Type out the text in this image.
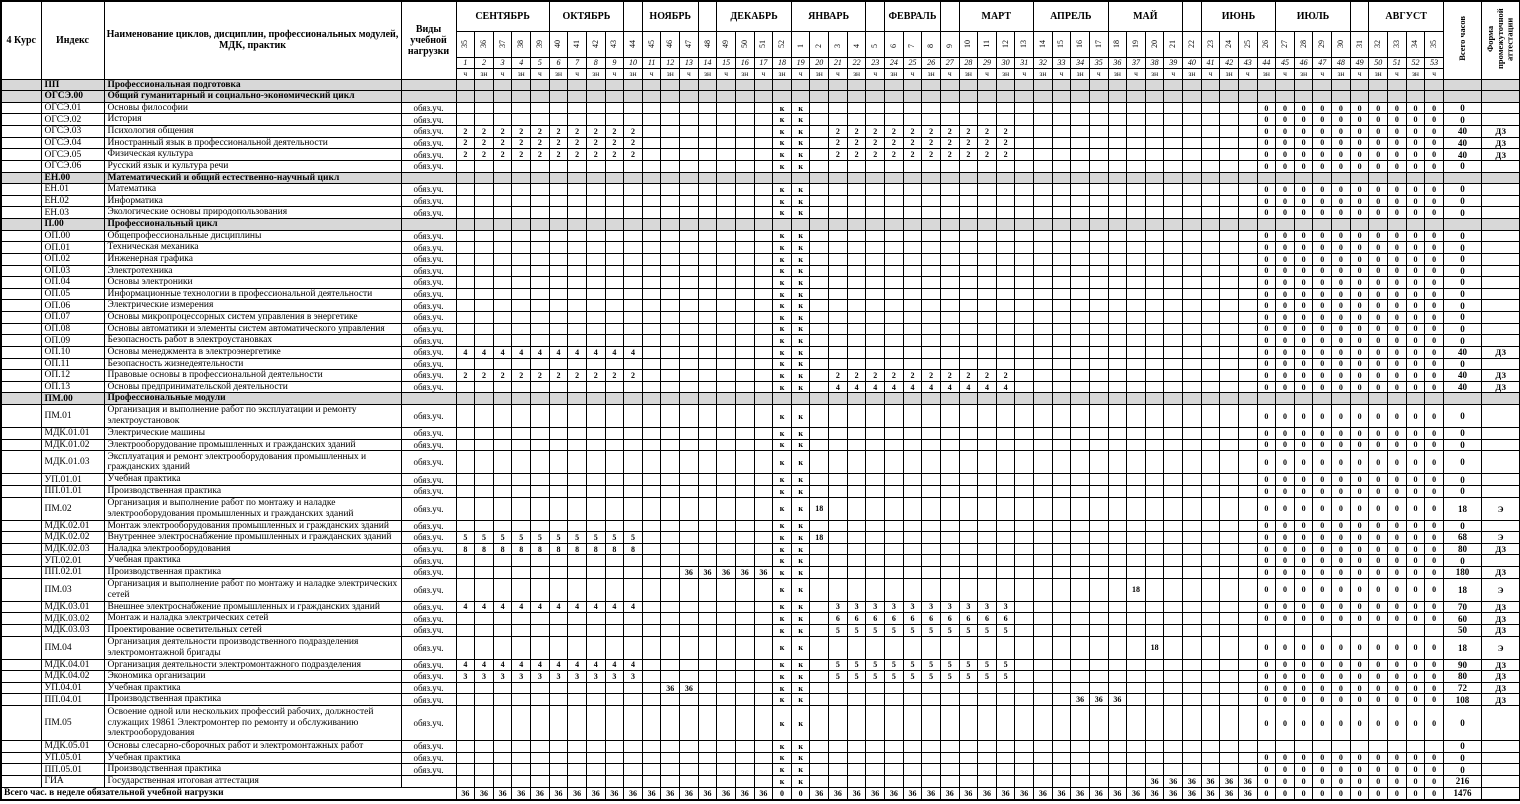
4 Курс	Индекс	Наименование циклов, дисциплин, профессиональных модулей, МДК, практик	Виды учебной нагрузки	СЕНТЯБРЬ					ОКТЯБРЬ					НОЯБРЬ				ДЕКАБРЬ				ЯНВАРЬ					ФЕВРАЛЬ				МАРТ				АПРЕЛЬ				МАЙ					ИЮНЬ				ИЮЛЬ					АВГУСТ				Всего часов	Форма промежуточной аттестации
				35	36	37	38	39	40	41	42	43	44	45	46	47	48	49	50	51	52	1	2	3	4	5	6	7	8	9	10	11	12	13	14	15	16	17	18	19	20	21	22	23	24	25	26	27	28	29	30	31	32	33	34	35		
				1	2	3	4	5	6	7	8	9	10	11	12	13	14	15	16	17	18	19	20	21	22	23	24	25	26	27	28	29	30	31	32	33	34	35	36	37	38	39	40	41	42	43	44	45	46	47	48	49	50	51	52	53		
				ч	зн	ч	зн	ч	зн	ч	зн	ч	зн	ч	зн	ч	зн	ч	зн	ч	зн	ч	зн	ч	зн	ч	зн	ч	зн	ч	зн	ч	зн	ч	зн	ч	зн	ч	зн	ч	зн	ч	зн	ч	зн	ч	зн	ч	зн	ч	зн	ч	зн	ч	зн	ч		
	ПП	Профессиональная подготовка																																																								
	ОГСЭ.00	Общий гуманитарный и социально-экономический цикл																																																								
	ОГСЭ.01	Основы философии	обяз.уч.																		к	к																									0	0	0	0	0	0	0	0	0	0	0	
	ОГСЭ.02	История	обяз.уч.																		к	к																									0	0	0	0	0	0	0	0	0	0	0	
	ОГСЭ.03	Психология общения	обяз.уч.	2	2	2	2	2	2	2	2	2	2								к	к		2	2	2	2	2	2	2	2	2	2														0	0	0	0	0	0	0	0	0	0	40	ДЗ
	ОГСЭ.04	Иностранный язык в профессиональной деятельности	обяз.уч.	2	2	2	2	2	2	2	2	2	2								к	к		2	2	2	2	2	2	2	2	2	2														0	0	0	0	0	0	0	0	0	0	40	ДЗ
	ОГСЭ.05	Физическая культура	обяз.уч.	2	2	2	2	2	2	2	2	2	2								к	к		2	2	2	2	2	2	2	2	2	2														0	0	0	0	0	0	0	0	0	0	40	ДЗ
	ОГСЭ.06	Русский язык и культура речи	обяз.уч.																		к	к																									0	0	0	0	0	0	0	0	0	0	0	
	ЕН.00	Математический и общий естественно-научный цикл																																																								
	ЕН.01	Математика	обяз.уч.																		к	к																									0	0	0	0	0	0	0	0	0	0	0	
	ЕН.02	Информатика	обяз.уч.																		к	к																									0	0	0	0	0	0	0	0	0	0	0	
	ЕН.03	Экологические основы природопользования	обяз.уч.																		к	к																									0	0	0	0	0	0	0	0	0	0	0	
	П.00	Профессиональный цикл																																																								
	ОП.00	Общепрофессиональные дисциплины	обяз.уч.																		к	к																									0	0	0	0	0	0	0	0	0	0	0	
	ОП.01	Техническая механика	обяз.уч.																		к	к																									0	0	0	0	0	0	0	0	0	0	0	
	ОП.02	Инженерная графика	обяз.уч.																		к	к																									0	0	0	0	0	0	0	0	0	0	0	
	ОП.03	Электротехника	обяз.уч.																		к	к																									0	0	0	0	0	0	0	0	0	0	0	
	ОП.04	Основы электроники	обяз.уч.																		к	к																									0	0	0	0	0	0	0	0	0	0	0	
	ОП.05	Информационные технологии в профессиональной деятельности	обяз.уч.																		к	к																									0	0	0	0	0	0	0	0	0	0	0	
	ОП.06	Электрические измерения	обяз.уч.																		к	к																									0	0	0	0	0	0	0	0	0	0	0	
	ОП.07	Основы микропроцессорных систем управления в энергетике	обяз.уч.																		к	к																									0	0	0	0	0	0	0	0	0	0	0	
	ОП.08	Основы автоматики и элементы систем автоматического управления	обяз.уч.																		к	к																									0	0	0	0	0	0	0	0	0	0	0	
	ОП.09	Безопасность работ в электроустановках	обяз.уч.																		к	к																									0	0	0	0	0	0	0	0	0	0	0	
	ОП.10	Основы менеджмента в электроэнергетике	обяз.уч.	4	4	4	4	4	4	4	4	4	4								к	к																									0	0	0	0	0	0	0	0	0	0	40	ДЗ
	ОП.11	Безопасность жизнедеятельности	обяз.уч.																		к	к																									0	0	0	0	0	0	0	0	0	0	0	
	ОП.12	Правовые основы в профессиональной деятельности	обяз.уч.	2	2	2	2	2	2	2	2	2	2								к	к		2	2	2	2	2	2	2	2	2	2														0	0	0	0	0	0	0	0	0	0	40	ДЗ
	ОП.13	Основы предпринимательской деятельности	обяз.уч.																		к	к		4	4	4	4	4	4	4	4	4	4														0	0	0	0	0	0	0	0	0	0	40	ДЗ
	ПМ.00	Профессиональные модули																																																								
	ПМ.01	Организация и выполнение работ по эксплуатации и ремонту электроустановок	обяз.уч.																		к	к																									0	0	0	0	0	0	0	0	0	0	0	
	МДК.01.01	Электрические машины	обяз.уч.																		к	к																									0	0	0	0	0	0	0	0	0	0	0	
	МДК.01.02	Электрооборудование промышленных и гражданских зданий	обяз.уч.																		к	к																									0	0	0	0	0	0	0	0	0	0	0	
	МДК.01.03	Эксплуатация и ремонт электрооборудования промышленных и гражданских зданий	обяз.уч.																		к	к																									0	0	0	0	0	0	0	0	0	0	0	
	УП.01.01	Учебная практика	обяз.уч.																		к	к																									0	0	0	0	0	0	0	0	0	0	0	
	ПП.01.01	Производственная практика	обяз.уч.																		к	к																									0	0	0	0	0	0	0	0	0	0	0	
	ПМ.02	Организация и выполнение работ по монтажу и наладке электрооборудования промышленных и гражданских зданий	обяз.уч.																		к	к	18																								0	0	0	0	0	0	0	0	0	0	18	Э
	МДК.02.01	Монтаж электрооборудования промышленных и гражданских зданий	обяз.уч.																		к	к																									0	0	0	0	0	0	0	0	0	0	0	
	МДК.02.02	Внутреннее электроснабжение промышленных и гражданских зданий	обяз.уч.	5	5	5	5	5	5	5	5	5	5								к	к	18																								0	0	0	0	0	0	0	0	0	0	68	Э
	МДК.02.03	Наладка электрооборудования	обяз.уч.	8	8	8	8	8	8	8	8	8	8								к	к																									0	0	0	0	0	0	0	0	0	0	80	ДЗ
	УП.02.01	Учебная практика	обяз.уч.																		к	к																									0	0	0	0	0	0	0	0	0	0	0	
	ПП.02.01	Производственная практика	обяз.уч.													36	36	36	36	36	к	к																									0	0	0	0	0	0	0	0	0	0	180	ДЗ
	ПМ.03	Организация и выполнение работ по монтажу и наладке электрических сетей	обяз.уч.																		к	к																		18							0	0	0	0	0	0	0	0	0	0	18	Э
	МДК.03.01	Внешнее электроснабжение промышленных и гражданских зданий	обяз.уч.	4	4	4	4	4	4	4	4	4	4								к	к		3	3	3	3	3	3	3	3	3	3														0	0	0	0	0	0	0	0	0	0	70	ДЗ
	МДК.03.02	Монтаж и наладка электрических сетей	обяз.уч.																		к	к		6	6	6	6	6	6	6	6	6	6														0	0	0	0	0	0	0	0	0	0	60	ДЗ
	МДК.03.03	Проектирование осветительных сетей	обяз.уч.																		к	к		5	5	5	5	5	5	5	5	5	5																								50	ДЗ
	ПМ.04	Организация деятельности производственного подразделения электромонтажной бригады	обяз.уч.																		к	к																			18						0	0	0	0	0	0	0	0	0	0	18	Э
	МДК.04.01	Организация деятельности электромонтажного подразделения	обяз.уч.	4	4	4	4	4	4	4	4	4	4								к	к		5	5	5	5	5	5	5	5	5	5														0	0	0	0	0	0	0	0	0	0	90	ДЗ
	МДК.04.02	Экономика организации	обяз.уч.	3	3	3	3	3	3	3	3	3	3								к	к		5	5	5	5	5	5	5	5	5	5														0	0	0	0	0	0	0	0	0	0	80	ДЗ
	УП.04.01	Учебная практика	обяз.уч.												36	36					к	к																									0	0	0	0	0	0	0	0	0	0	72	ДЗ
	ПП.04.01	Производственная практика	обяз.уч.																		к	к															36	36	36								0	0	0	0	0	0	0	0	0	0	108	ДЗ
	ПМ.05	Освоение одной или нескольких профессий рабочих, должностей служащих 19861 Электромонтер по ремонту и обслуживанию электрооборудования	обяз.уч.																		к	к																									0	0	0	0	0	0	0	0	0	0	0	
	МДК.05.01	Основы слесарно-сборочных работ и электромонтажных работ	обяз.уч.																		к	к																																			0	
	УП.05.01	Учебная практика	обяз.уч.																		к	к																									0	0	0	0	0	0	0	0	0	0	0	
	ПП.05.01	Производственная практика	обяз.уч.																		к	к																									0	0	0	0	0	0	0	0	0	0	0	
	ГИА	Государственная итоговая аттестация																			к	к																			36	36	36	36	36	36	0	0	0	0	0	0	0	0	0	0	216	
Всего час. в неделе обязательной учебной нагрузки				36	36	36	36	36	36	36	36	36	36	36	36	36	36	36	36	36	0	0	36	36	36	36	36	36	36	36	36	36	36	36	36	36	36	36	36	36	36	36	36	36	36	36	0	0	0	0	0	0	0	0	0	0	1476	
